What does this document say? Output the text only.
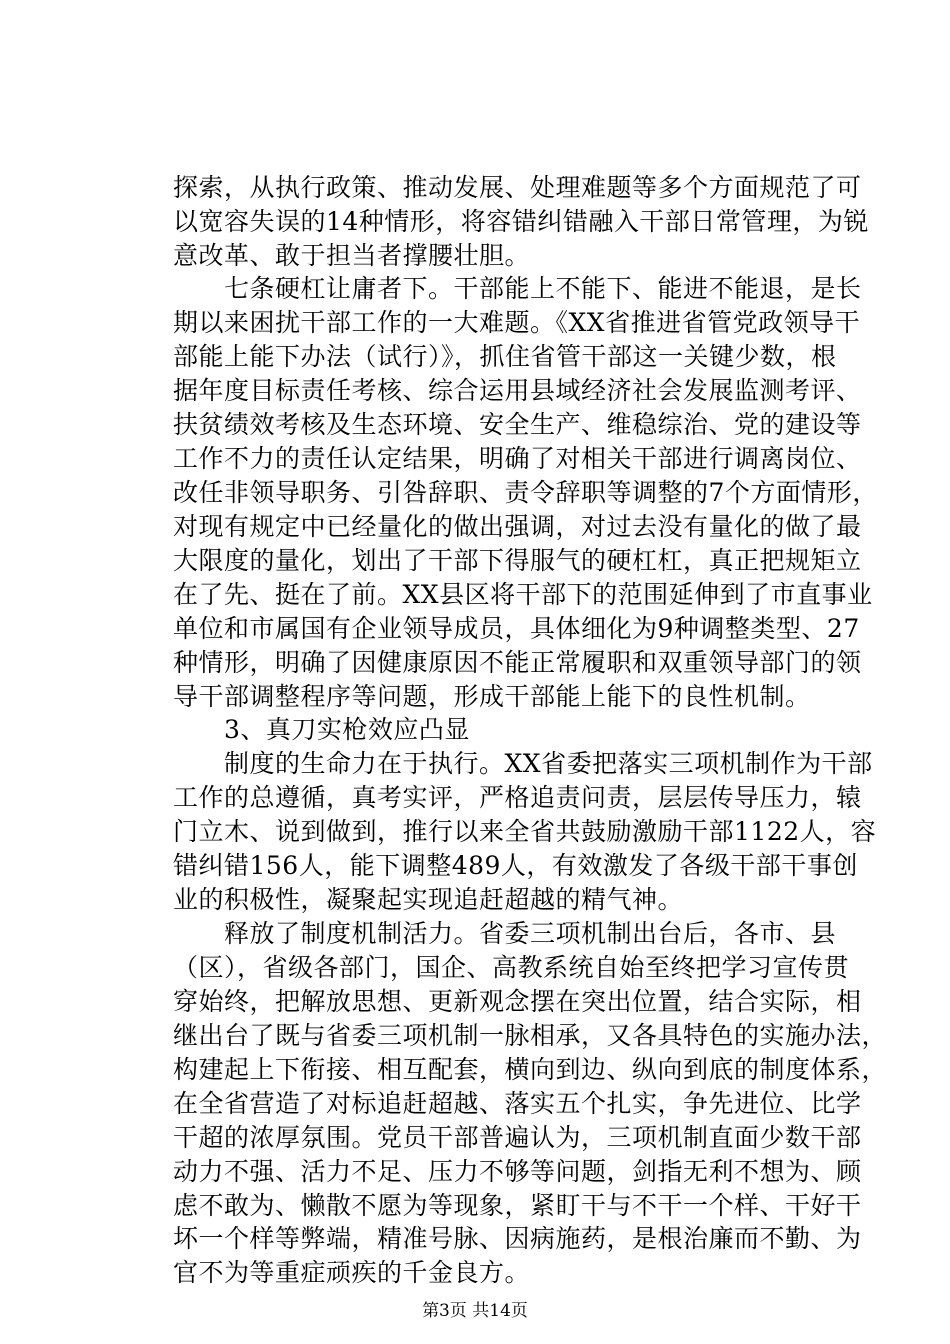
探索，从执行政策、推动发展、处理难题等多个方面规范了可
以宽容失误的14种情形，将容错纠错融入干部日常管理，为锐
意改革、敢于担当者撑腰壮胆。
　　七条硬杠让庸者下。干部能上不能下、能进不能退，是长
期以来困扰干部工作的一大难题。《XX省推进省管党政领导干
部能上能下办法（试行）》，抓住省管干部这一关键少数，根
据年度目标责任考核、综合运用县域经济社会发展监测考评、
扶贫绩效考核及生态环境、安全生产、维稳综治、党的建设等
工作不力的责任认定结果，明确了对相关干部进行调离岗位、
改任非领导职务、引咎辞职、责令辞职等调整的7个方面情形，
对现有规定中已经量化的做出强调，对过去没有量化的做了最
大限度的量化，划出了干部下得服气的硬杠杠，真正把规矩立
在了先、挺在了前。XX县区将干部下的范围延伸到了市直事业
单位和市属国有企业领导成员，具体细化为9种调整类型、27
种情形，明确了因健康原因不能正常履职和双重领导部门的领
导干部调整程序等问题，形成干部能上能下的良性机制。
　　3、真刀实枪效应凸显
　　制度的生命力在于执行。XX省委把落实三项机制作为干部
工作的总遵循，真考实评，严格追责问责，层层传导压力，辕
门立木、说到做到，推行以来全省共鼓励激励干部1122人，容
错纠错156人，能下调整489人，有效激发了各级干部干事创
业的积极性，凝聚起实现追赶超越的精气神。
　　释放了制度机制活力。省委三项机制出台后，各市、县
（区），省级各部门，国企、高教系统自始至终把学习宣传贯
穿始终，把解放思想、更新观念摆在突出位置，结合实际，相
继出台了既与省委三项机制一脉相承，又各具特色的实施办法，
构建起上下衔接、相互配套，横向到边、纵向到底的制度体系，
在全省营造了对标追赶超越、落实五个扎实，争先进位、比学
干超的浓厚氛围。党员干部普遍认为，三项机制直面少数干部
动力不强、活力不足、压力不够等问题，剑指无利不想为、顾
虑不敢为、懒散不愿为等现象，紧盯干与不干一个样、干好干
坏一个样等弊端，精准号脉、因病施药，是根治廉而不勤、为
官不为等重症顽疾的千金良方。
第3页 共14页
